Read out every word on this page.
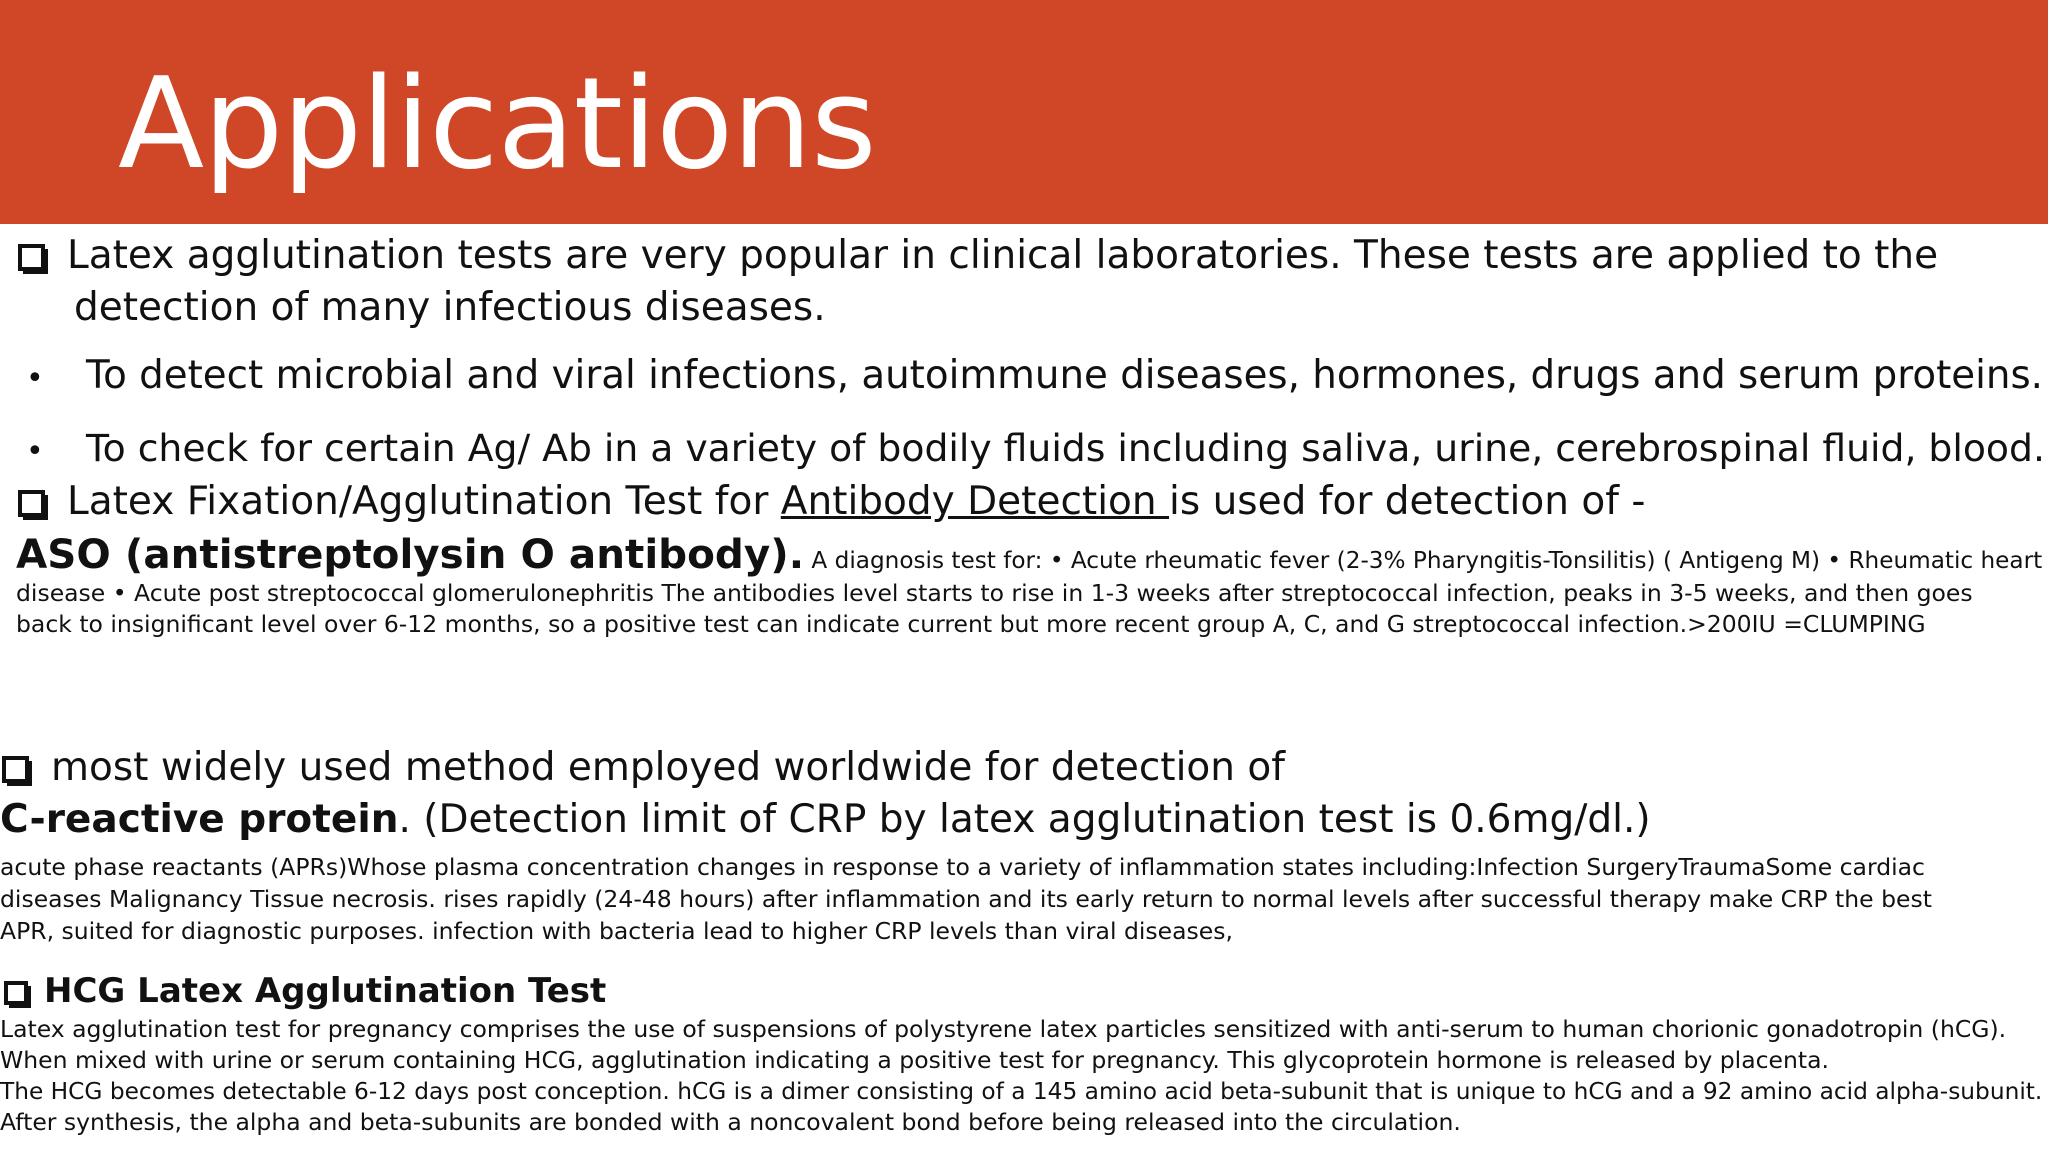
Applications
Latex agglutination tests are very popular in clinical laboratories. These tests are applied to the
detection of many infectious diseases.
• To detect microbial and viral infections, autoimmune diseases, hormones, drugs and serum proteins.
• To check for certain Ag/ Ab in a variety of bodily fluids including saliva, urine, cerebrospinal fluid, blood.
Latex Fixation/Agglutination Test for Antibody Detection is used for detection of -
ASO (antistreptolysin O antibody). A diagnosis test for: • Acute rheumatic fever (2-3% Pharyngitis-Tonsilitis) ( Antigeng M) • Rheumatic heart
disease • Acute post streptococcal glomerulonephritis The antibodies level starts to rise in 1-3 weeks after streptococcal infection, peaks in 3-5 weeks, and then goes
back to insignificant level over 6-12 months, so a positive test can indicate current but more recent group A, C, and G streptococcal infection.>200IU =CLUMPING
most widely used method employed worldwide for detection of
C-reactive protein. (Detection limit of CRP by latex agglutination test is 0.6mg/dl.)
acute phase reactants (APRs)Whose plasma concentration changes in response to a variety of inflammation states including:Infection SurgeryTraumaSome cardiac
diseases Malignancy Tissue necrosis. rises rapidly (24-48 hours) after inflammation and its early return to normal levels after successful therapy make CRP the best
APR, suited for diagnostic purposes. infection with bacteria lead to higher CRP levels than viral diseases,
HCG Latex Agglutination Test
Latex agglutination test for pregnancy comprises the use of suspensions of polystyrene latex particles sensitized with anti-serum to human chorionic gonadotropin (hCG).
When mixed with urine or serum containing HCG, agglutination indicating a positive test for pregnancy. This glycoprotein hormone is released by placenta.
The HCG becomes detectable 6-12 days post conception. hCG is a dimer consisting of a 145 amino acid beta-subunit that is unique to hCG and a 92 amino acid alpha-subunit.
After synthesis, the alpha and beta-subunits are bonded with a noncovalent bond before being released into the circulation.
